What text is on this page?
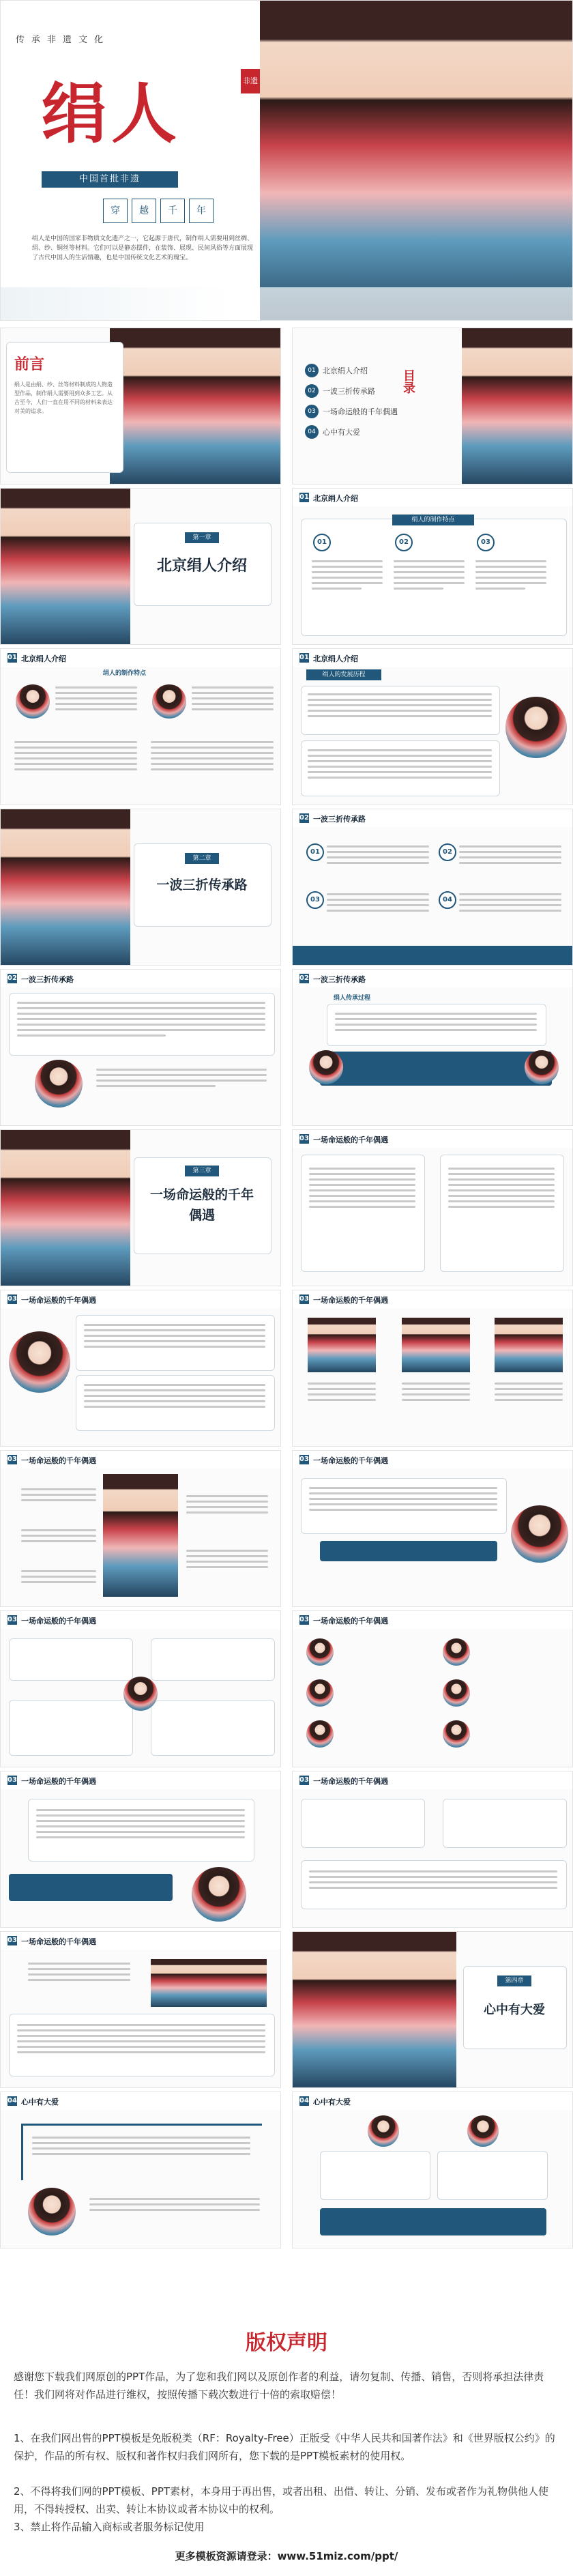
传承非遗文化
绢人	非遗
中国首批非遗
穿	越	千	年
绢人是中国的国家非物质文化遗产之一，它起源于唐代，制作绢人需要用到丝绸、绢、纱、铜丝等材料。它们可以是静态摆件，在装饰、展现、民间风俗等方面展现了古代中国人的生活情趣，也是中国传统文化艺术的瑰宝。
前言
绢人是由绢、纱、丝等材料制成的人物造型作品，制作绢人需要用到众多工艺。从古至今，人们一直在用不同的材料来表达对美的追求。
目录
01 北京绢人介绍
02 一波三折传承路
03 一场命运般的千年偶遇
04 心中有大爱
第一章
北京绢人介绍
01 北京绢人介绍
绢人的制作特点
01	02	03
01 北京绢人介绍
绢人的制作特点
01 北京绢人介绍
绢人的发展历程
第二章
一波三折传承路
02 一波三折传承路
01	02
03	04
02 一波三折传承路	02 一波三折传承路
绢人传承过程
第三章
一场命运般的千年偶遇
03 一场命运般的千年偶遇
03 一场命运般的千年偶遇	03 一场命运般的千年偶遇
03 一场命运般的千年偶遇	03 一场命运般的千年偶遇
03 一场命运般的千年偶遇	03 一场命运般的千年偶遇
03 一场命运般的千年偶遇	03 一场命运般的千年偶遇
03 一场命运般的千年偶遇
第四章
心中有大爱
04 心中有大爱	04 心中有大爱
版权声明
感谢您下载我们网原创的PPT作品，为了您和我们网以及原创作者的利益，请勿复制、传播、销售，否则将承担法律责任！我们网将对作品进行维权，按照传播下载次数进行十倍的索取赔偿！
1、在我们网出售的PPT模板是免版税类（RF：Royalty-Free）正版受《中华人民共和国著作法》和《世界版权公约》的保护，作品的所有权、版权和著作权归我们网所有，您下载的是PPT模板素材的使用权。
2、不得将我们网的PPT模板、PPT素材，本身用于再出售，或者出租、出借、转让、分销、发布或者作为礼物供他人使用，不得转授权、出卖、转让本协议或者本协议中的权利。
3、禁止将作品输入商标或者服务标记使用
更多模板资源请登录：www.51miz.com/ppt/
